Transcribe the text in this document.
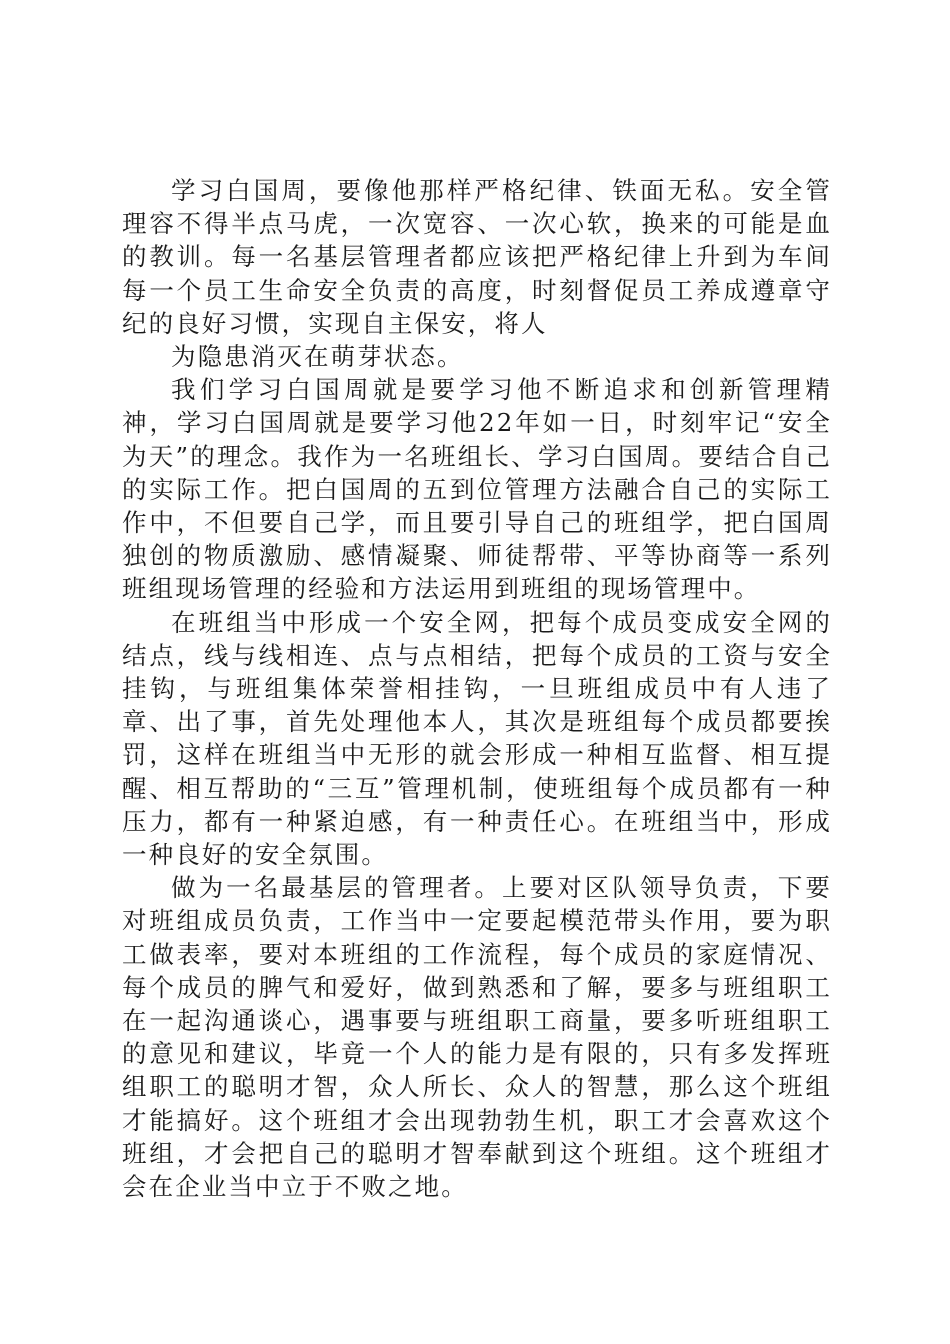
学习白国周，要像他那样严格纪律、铁面无私。安全管理容不得半点马虎，一次宽容、一次心软，换来的可能是血的教训。每一名基层管理者都应该把严格纪律上升到为车间每一个员工生命安全负责的高度，时刻督促员工养成遵章守纪的良好习惯，实现自主保安，将人

为隐患消灭在萌芽状态。

我们学习白国周就是要学习他不断追求和创新管理精神，学习白国周就是要学习他22年如一日，时刻牢记“安全为天”的理念。我作为一名班组长、学习白国周。要结合自己的实际工作。把白国周的五到位管理方法融合自己的实际工作中，不但要自己学，而且要引导自己的班组学，把白国周独创的物质激励、感情凝聚、师徒帮带、平等协商等一系列班组现场管理的经验和方法运用到班组的现场管理中。

在班组当中形成一个安全网，把每个成员变成安全网的结点，线与线相连、点与点相结，把每个成员的工资与安全挂钩，与班组集体荣誉相挂钩，一旦班组成员中有人违了章、出了事，首先处理他本人，其次是班组每个成员都要挨罚，这样在班组当中无形的就会形成一种相互监督、相互提醒、相互帮助的“三互”管理机制，使班组每个成员都有一种压力，都有一种紧迫感，有一种责任心。在班组当中，形成一种良好的安全氛围。

做为一名最基层的管理者。上要对区队领导负责，下要对班组成员负责，工作当中一定要起模范带头作用，要为职工做表率，要对本班组的工作流程，每个成员的家庭情况、每个成员的脾气和爱好，做到熟悉和了解，要多与班组职工在一起沟通谈心，遇事要与班组职工商量，要多听班组职工的意见和建议，毕竟一个人的能力是有限的，只有多发挥班组职工的聪明才智，众人所长、众人的智慧，那么这个班组才能搞好。这个班组才会出现勃勃生机，职工才会喜欢这个班组，才会把自己的聪明才智奉献到这个班组。这个班组才会在企业当中立于不败之地。
